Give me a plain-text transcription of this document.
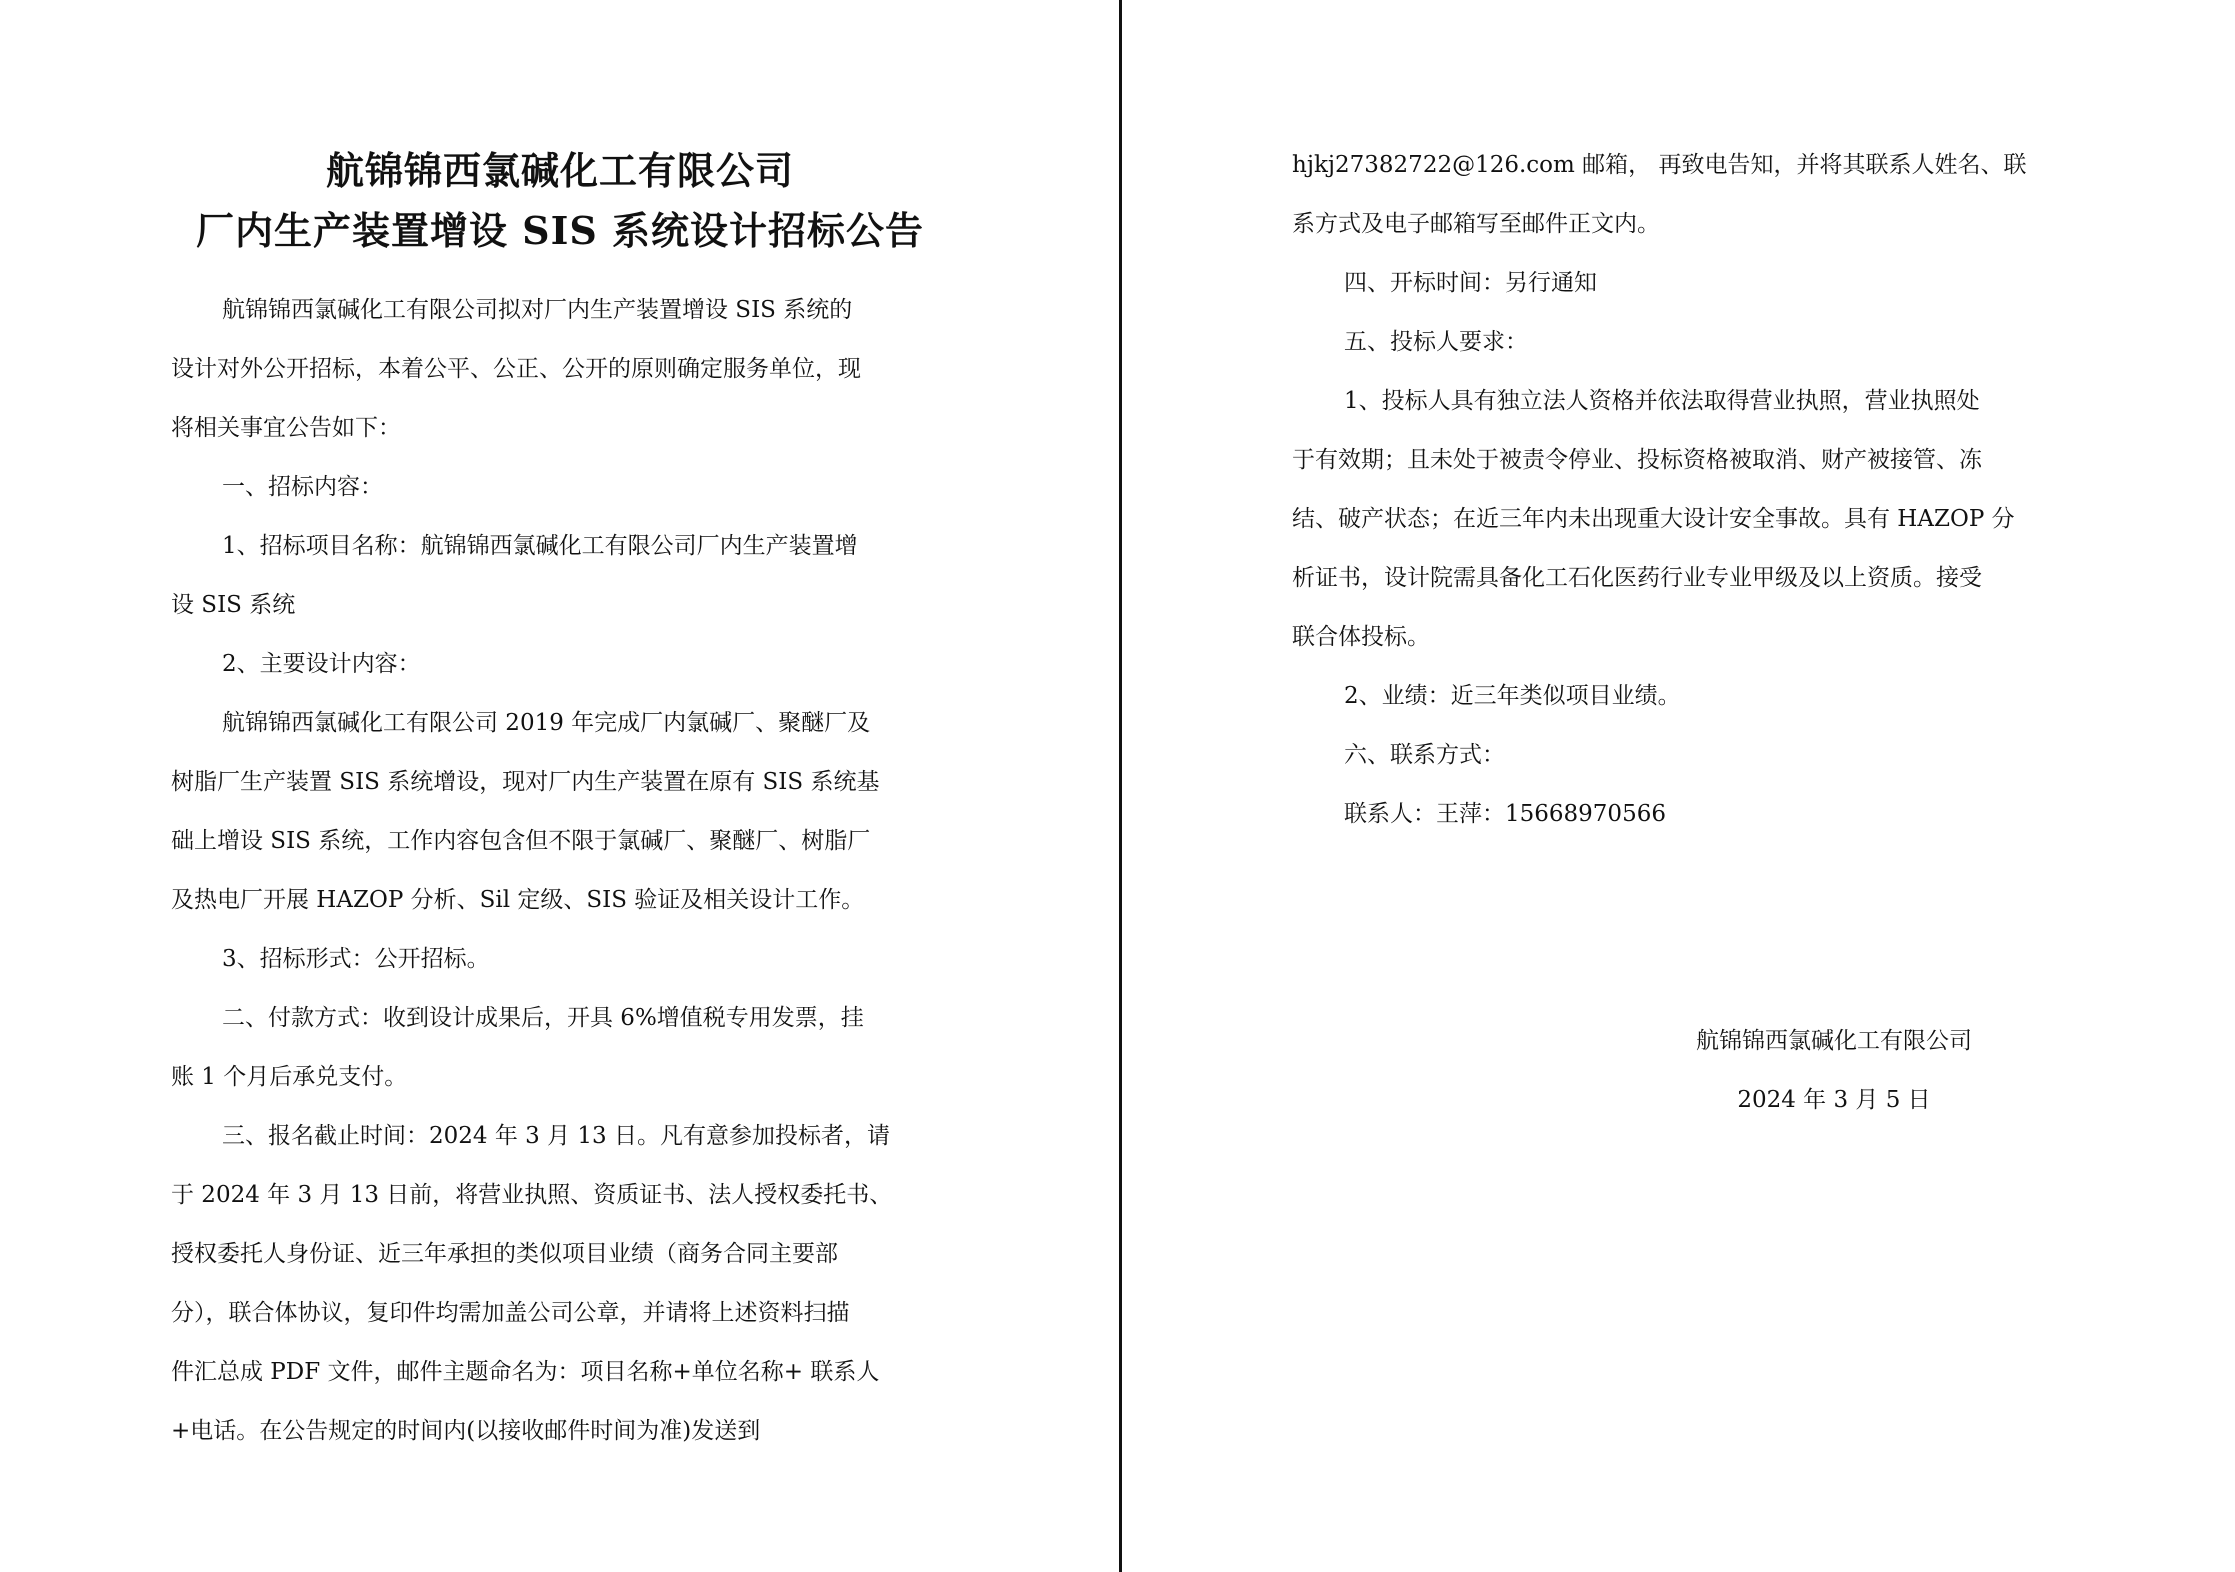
航锦锦西氯碱化工有限公司
厂内生产装置增设 SIS 系统设计招标公告
航锦锦西氯碱化工有限公司拟对厂内生产装置增设 SIS 系统的
设计对外公开招标，本着公平、公正、公开的原则确定服务单位，现
将相关事宜公告如下：
一、招标内容：
1、招标项目名称：航锦锦西氯碱化工有限公司厂内生产装置增
设 SIS 系统
2、主要设计内容：
航锦锦西氯碱化工有限公司 2019 年完成厂内氯碱厂、聚醚厂及
树脂厂生产装置 SIS 系统增设，现对厂内生产装置在原有 SIS 系统基
础上增设 SIS 系统，工作内容包含但不限于氯碱厂、聚醚厂、树脂厂
及热电厂开展 HAZOP 分析、Sil 定级、SIS 验证及相关设计工作。
3、招标形式：公开招标。
二、付款方式：收到设计成果后，开具 6%增值税专用发票，挂
账 1 个月后承兑支付。
三、报名截止时间：2024 年 3 月 13 日。凡有意参加投标者，请
于 2024 年 3 月 13 日前，将营业执照、资质证书、法人授权委托书、
授权委托人身份证、近三年承担的类似项目业绩（商务合同主要部
分），联合体协议，复印件均需加盖公司公章，并请将上述资料扫描
件汇总成 PDF 文件，邮件主题命名为：项目名称+单位名称+ 联系人
+电话。在公告规定的时间内(以接收邮件时间为准)发送到
hjkj27382722@126.com 邮箱， 再致电告知，并将其联系人姓名、联
系方式及电子邮箱写至邮件正文内。
四、开标时间：另行通知
五、投标人要求：
1、投标人具有独立法人资格并依法取得营业执照，营业执照处
于有效期；且未处于被责令停业、投标资格被取消、财产被接管、冻
结、破产状态；在近三年内未出现重大设计安全事故。具有 HAZOP 分
析证书，设计院需具备化工石化医药行业专业甲级及以上资质。接受
联合体投标。
2、业绩：近三年类似项目业绩。
六、联系方式：
联系人：王萍：15668970566
航锦锦西氯碱化工有限公司
2024 年 3 月 5 日
